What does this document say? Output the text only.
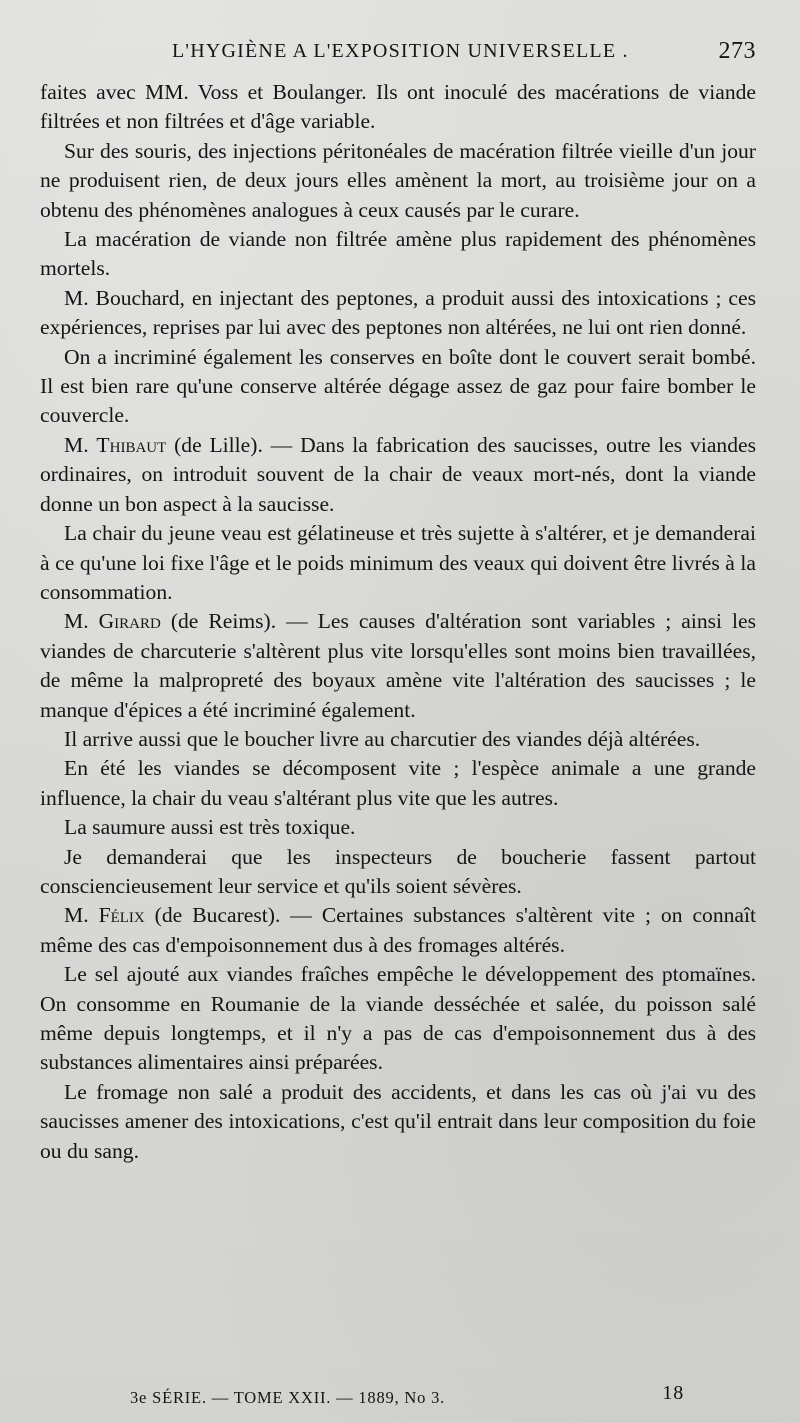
L'HYGIÈNE A L'EXPOSITION UNIVERSELLE .	273

faites avec MM. Voss et Boulanger. Ils ont inoculé des macérations de viande filtrées et non filtrées et d'âge variable.

Sur des souris, des injections péritonéales de macération filtrée vieille d'un jour ne produisent rien, de deux jours elles amènent la mort, au troisième jour on a obtenu des phénomènes analogues à ceux causés par le curare.

La macération de viande non filtrée amène plus rapidement des phénomènes mortels.

M. Bouchard, en injectant des peptones, a produit aussi des intoxications ; ces expériences, reprises par lui avec des peptones non altérées, ne lui ont rien donné.

On a incriminé également les conserves en boîte dont le couvert serait bombé. Il est bien rare qu'une conserve altérée dégage assez de gaz pour faire bomber le couvercle.

M. Thibaut (de Lille). — Dans la fabrication des saucisses, outre les viandes ordinaires, on introduit souvent de la chair de veaux mort-nés, dont la viande donne un bon aspect à la saucisse.

La chair du jeune veau est gélatineuse et très sujette à s'altérer, et je demanderai à ce qu'une loi fixe l'âge et le poids minimum des veaux qui doivent être livrés à la consommation.

M. Girard (de Reims). — Les causes d'altération sont variables ; ainsi les viandes de charcuterie s'altèrent plus vite lorsqu'elles sont moins bien travaillées, de même la malpropreté des boyaux amène vite l'altération des saucisses ; le manque d'épices a été incriminé également.

Il arrive aussi que le boucher livre au charcutier des viandes déjà altérées.

En été les viandes se décomposent vite ; l'espèce animale a une grande influence, la chair du veau s'altérant plus vite que les autres.

La saumure aussi est très toxique.

Je demanderai que les inspecteurs de boucherie fassent partout consciencieusement leur service et qu'ils soient sévères.

M. Félix (de Bucarest). — Certaines substances s'altèrent vite ; on connaît même des cas d'empoisonnement dus à des fromages altérés.

Le sel ajouté aux viandes fraîches empêche le développement des ptomaïnes. On consomme en Roumanie de la viande desséchée et salée, du poisson salé même depuis longtemps, et il n'y a pas de cas d'empoisonnement dus à des substances alimentaires ainsi préparées.

Le fromage non salé a produit des accidents, et dans les cas où j'ai vu des saucisses amener des intoxications, c'est qu'il entrait dans leur composition du foie ou du sang.

3e SÉRIE. — TOME XXII. — 1889, No 3.	18
